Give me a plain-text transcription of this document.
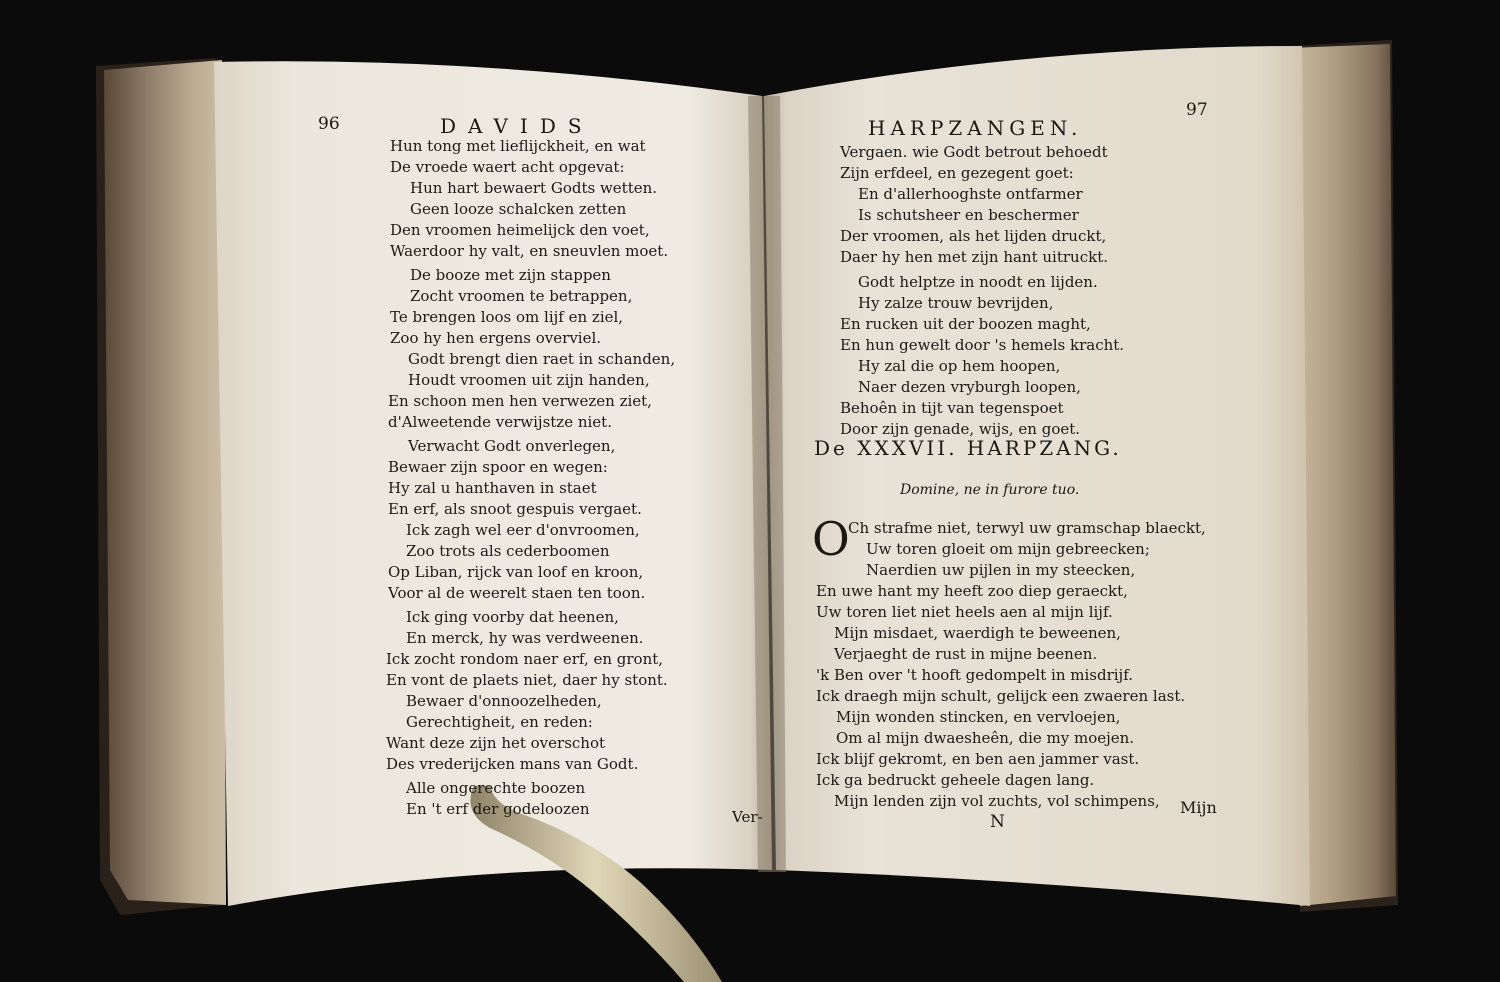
96	DAVIDS
Hun tong met lieflijckheit, en wat
De vroede waert acht opgevat:
Hun hart bewaert Godts wetten.
Geen looze schalcken zetten
Den vroomen heimelijck den voet,
Waerdoor hy valt, en sneuvlen moet.
De booze met zijn stappen
Zocht vroomen te betrappen,
Te brengen loos om lijf en ziel,
Zoo hy hen ergens overviel.
Godt brengt dien raet in schanden,
Houdt vroomen uit zijn handen,
En schoon men hen verwezen ziet,
d'Alweetende verwijstze niet.
Verwacht Godt onverlegen,
Bewaer zijn spoor en wegen:
Hy zal u hanthaven in staet
En erf, als snoot gespuis vergaet.
Ick zagh wel eer d'onvroomen,
Zoo trots als cederboomen
Op Liban, rijck van loof en kroon,
Voor al de weerelt staen ten toon.
Ick ging voorby dat heenen,
En merck, hy was verdweenen.
Ick zocht rondom naer erf, en gront,
En vont de plaets niet, daer hy stont.
Bewaer d'onnoozelheden,
Gerechtigheit, en reden:
Want deze zijn het overschot
Des vrederijcken mans van Godt.
Alle ongerechte boozen
En 't erf der godeloozen	Ver-
97
HARPZANGEN.
Vergaen. wie Godt betrout behoedt
Zijn erfdeel, en gezegent goet:
En d'allerhooghste ontfarmer
Is schutsheer en beschermer
Der vroomen, als het lijden druckt,
Daer hy hen met zijn hant uitruckt.
Godt helptze in noodt en lijden.
Hy zalze trouw bevrijden,
En rucken uit der boozen maght,
En hun gewelt door 's hemels kracht.
Hy zal die op hem hoopen,
Naer dezen vryburgh loopen,
Behoên in tijt van tegenspoet
Door zijn genade, wijs, en goet.
De XXXVII. HARPZANG.
Domine, ne in furore tuo.
O
Ch strafme niet, terwyl uw gramschap blaeckt,
Uw toren gloeit om mijn gebreecken;
Naerdien uw pijlen in my steecken,
En uwe hant my heeft zoo diep geraeckt,
Uw toren liet niet heels aen al mijn lijf.
Mijn misdaet, waerdigh te beweenen,
Verjaeght de rust in mijne beenen.
'k Ben over 't hooft gedompelt in misdrijf.
Ick draegh mijn schult, gelijck een zwaeren last.
Mijn wonden stincken, en vervloejen,
Om al mijn dwaesheên, die my moejen.
Ick blijf gekromt, en ben aen jammer vast.
Ick ga bedruckt geheele dagen lang.
Mijn lenden zijn vol zuchts, vol schimpens,
N
Mijn
